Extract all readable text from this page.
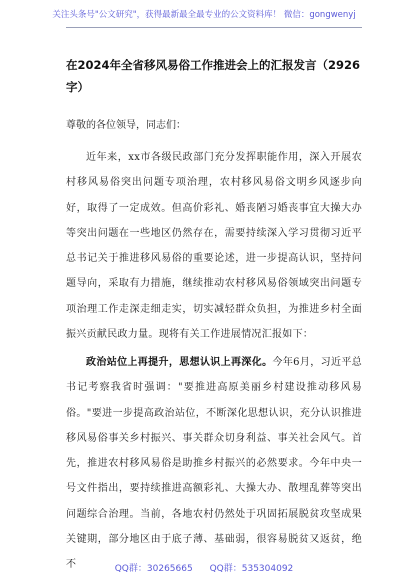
关注头条号"公文研究"，获得最新最全最专业的公文资料库！ 微信：gongwenyj
在2024年全省移风易俗工作推进会上的汇报发言（2926字）
尊敬的各位领导，同志们：
近年来，xx市各级民政部门充分发挥职能作用，深入开展农村移风易俗突出问题专项治理，农村移风易俗文明乡风逐步向好，取得了一定成效。但高价彩礼、婚丧陋习婚丧事宜大操大办等突出问题在一些地区仍然存在，需要持续深入学习贯彻习近平总书记关于推进移风易俗的重要论述，进一步提高认识，坚持问题导向，采取有力措施，继续推动农村移风易俗领域突出问题专项治理工作走深走细走实，切实减轻群众负担，为推进乡村全面振兴贡献民政力量。现将有关工作进展情况汇报如下：
政治站位上再提升，思想认识上再深化。今年6月，习近平总书记考察我省时强调："要推进高原美丽乡村建设推动移风易俗。"要进一步提高政治站位，不断深化思想认识，充分认识推进移风易俗事关乡村振兴、事关群众切身利益、事关社会风气。首先，推进农村移风易俗是助推乡村振兴的必然要求。今年中央一号文件指出，要持续推进高额彩礼、大操大办、散埋乱葬等突出问题综合治理。当前，各地农村仍然处于巩固拓展脱贫攻坚成果关键期，部分地区由于底子薄、基础弱，很容易脱贫又返贫，绝不	QQ群：30265665 QQ群：535304092
